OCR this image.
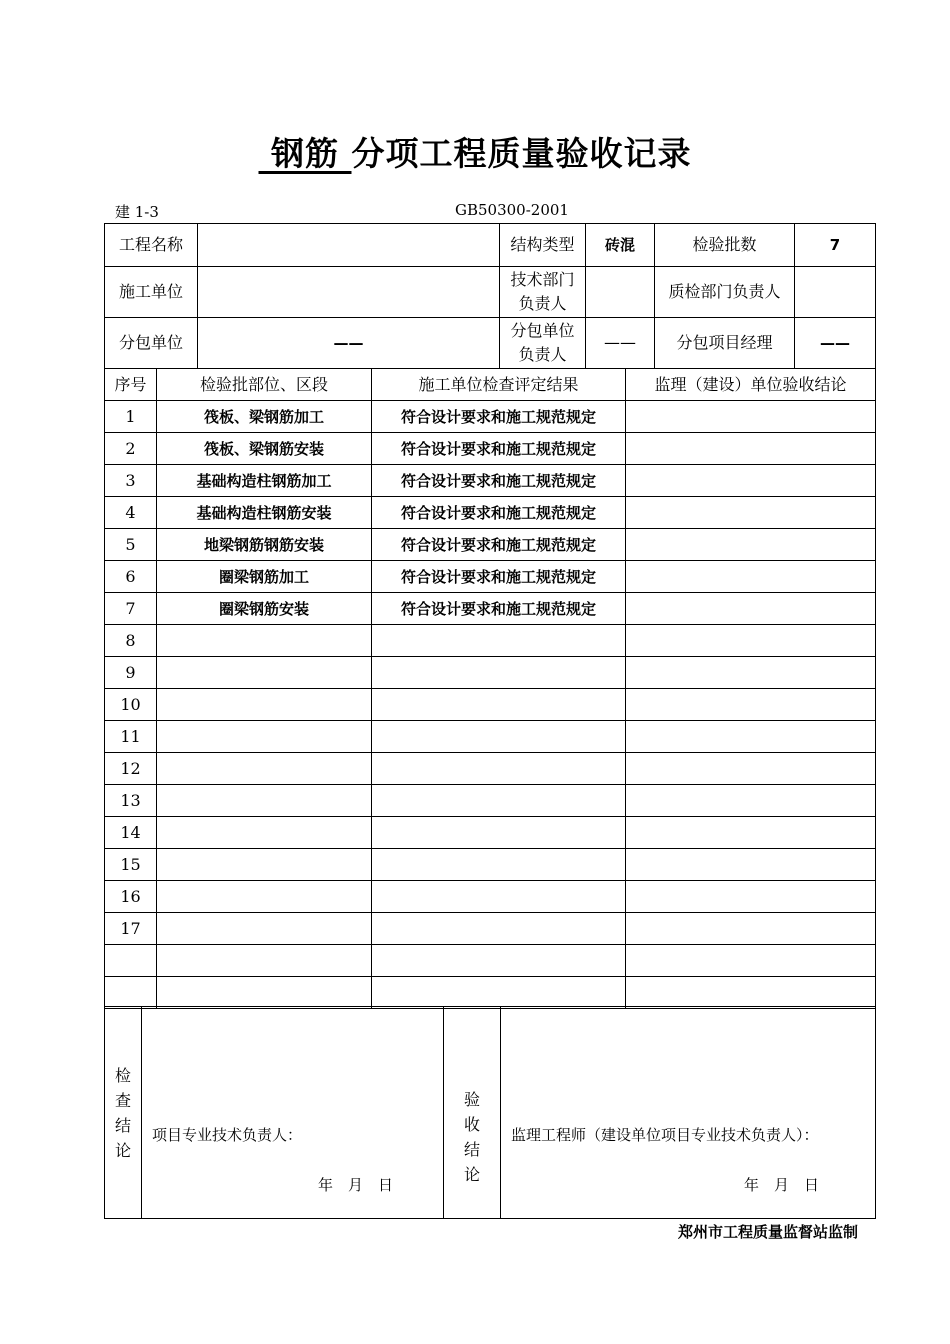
钢筋 分项工程质量验收记录
建 1-3	GB50300-2001
工程名称		结构类型	砖混	检验批数	7
施工单位		技术部门负责人		质检部门负责人	
分包单位	——	分包单位负责人	——	分包项目经理	——
序号	检验批部位、区段	施工单位检查评定结果	监理（建设）单位验收结论
1	筏板、梁钢筋加工	符合设计要求和施工规范规定	
2	筏板、梁钢筋安装	符合设计要求和施工规范规定	
3	基础构造柱钢筋加工	符合设计要求和施工规范规定	
4	基础构造柱钢筋安装	符合设计要求和施工规范规定	
5	地梁钢筋钢筋安装	符合设计要求和施工规范规定	
6	圈梁钢筋加工	符合设计要求和施工规范规定	
7	圈梁钢筋安装	符合设计要求和施工规范规定	
8			
9			
10			
11			
12			
13			
14			
15			
16			
17			

检查结论

项目专业技术负责人：
年　月　日

验收结论

监理工程师（建设单位项目专业技术负责人）：
年　月　日
郑州市工程质量监督站监制
